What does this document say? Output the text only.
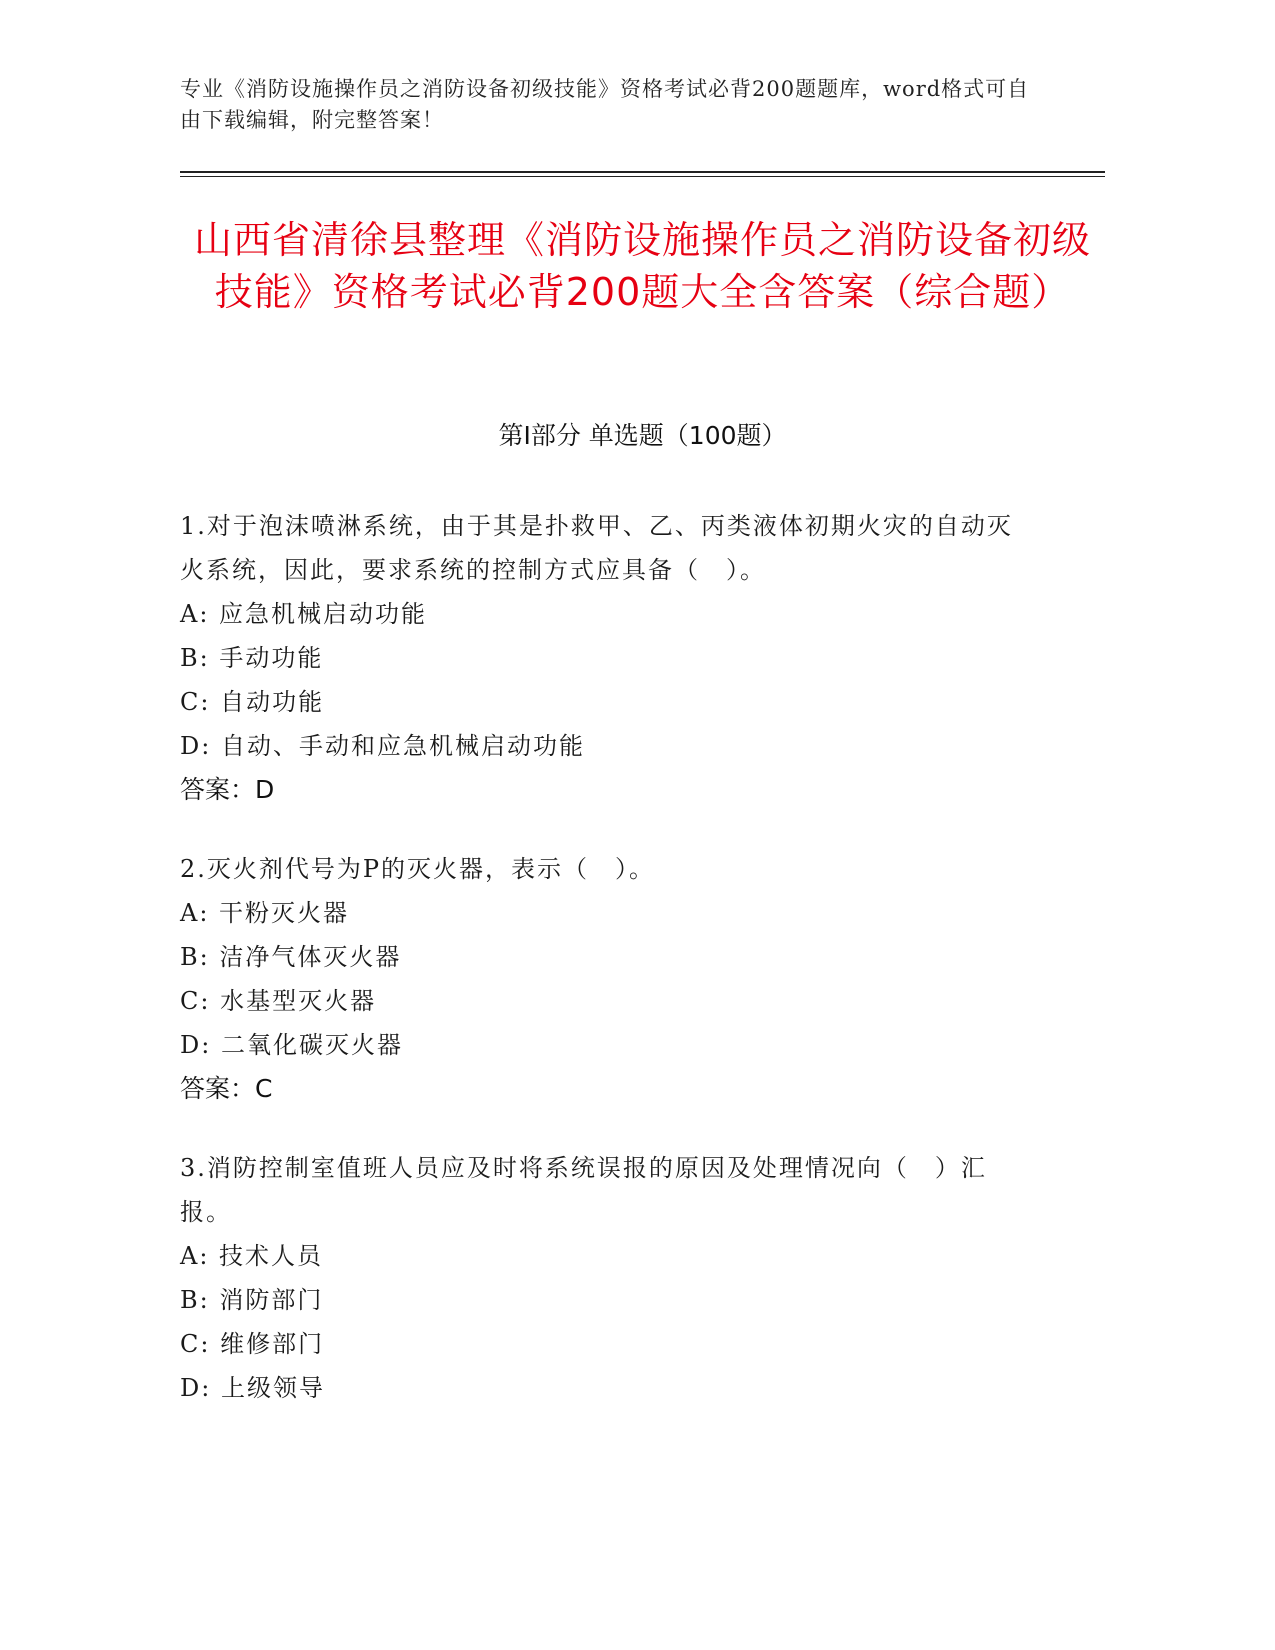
专业《消防设施操作员之消防设备初级技能》资格考试必背200题题库，word格式可自由下载编辑，附完整答案！
山西省清徐县整理《消防设施操作员之消防设备初级技能》资格考试必背200题大全含答案（综合题）
第I部分 单选题（100题）
1.对于泡沫喷淋系统，由于其是扑救甲、乙、丙类液体初期火灾的自动灭火系统，因此，要求系统的控制方式应具备（　）。
A: 应急机械启动功能
B: 手动功能
C: 自动功能
D: 自动、手动和应急机械启动功能
答案：D
2.灭火剂代号为P的灭火器，表示（　）。
A: 干粉灭火器
B: 洁净气体灭火器
C: 水基型灭火器
D: 二氧化碳灭火器
答案：C
3.消防控制室值班人员应及时将系统误报的原因及处理情况向（　）汇报。
A: 技术人员
B: 消防部门
C: 维修部门
D: 上级领导
